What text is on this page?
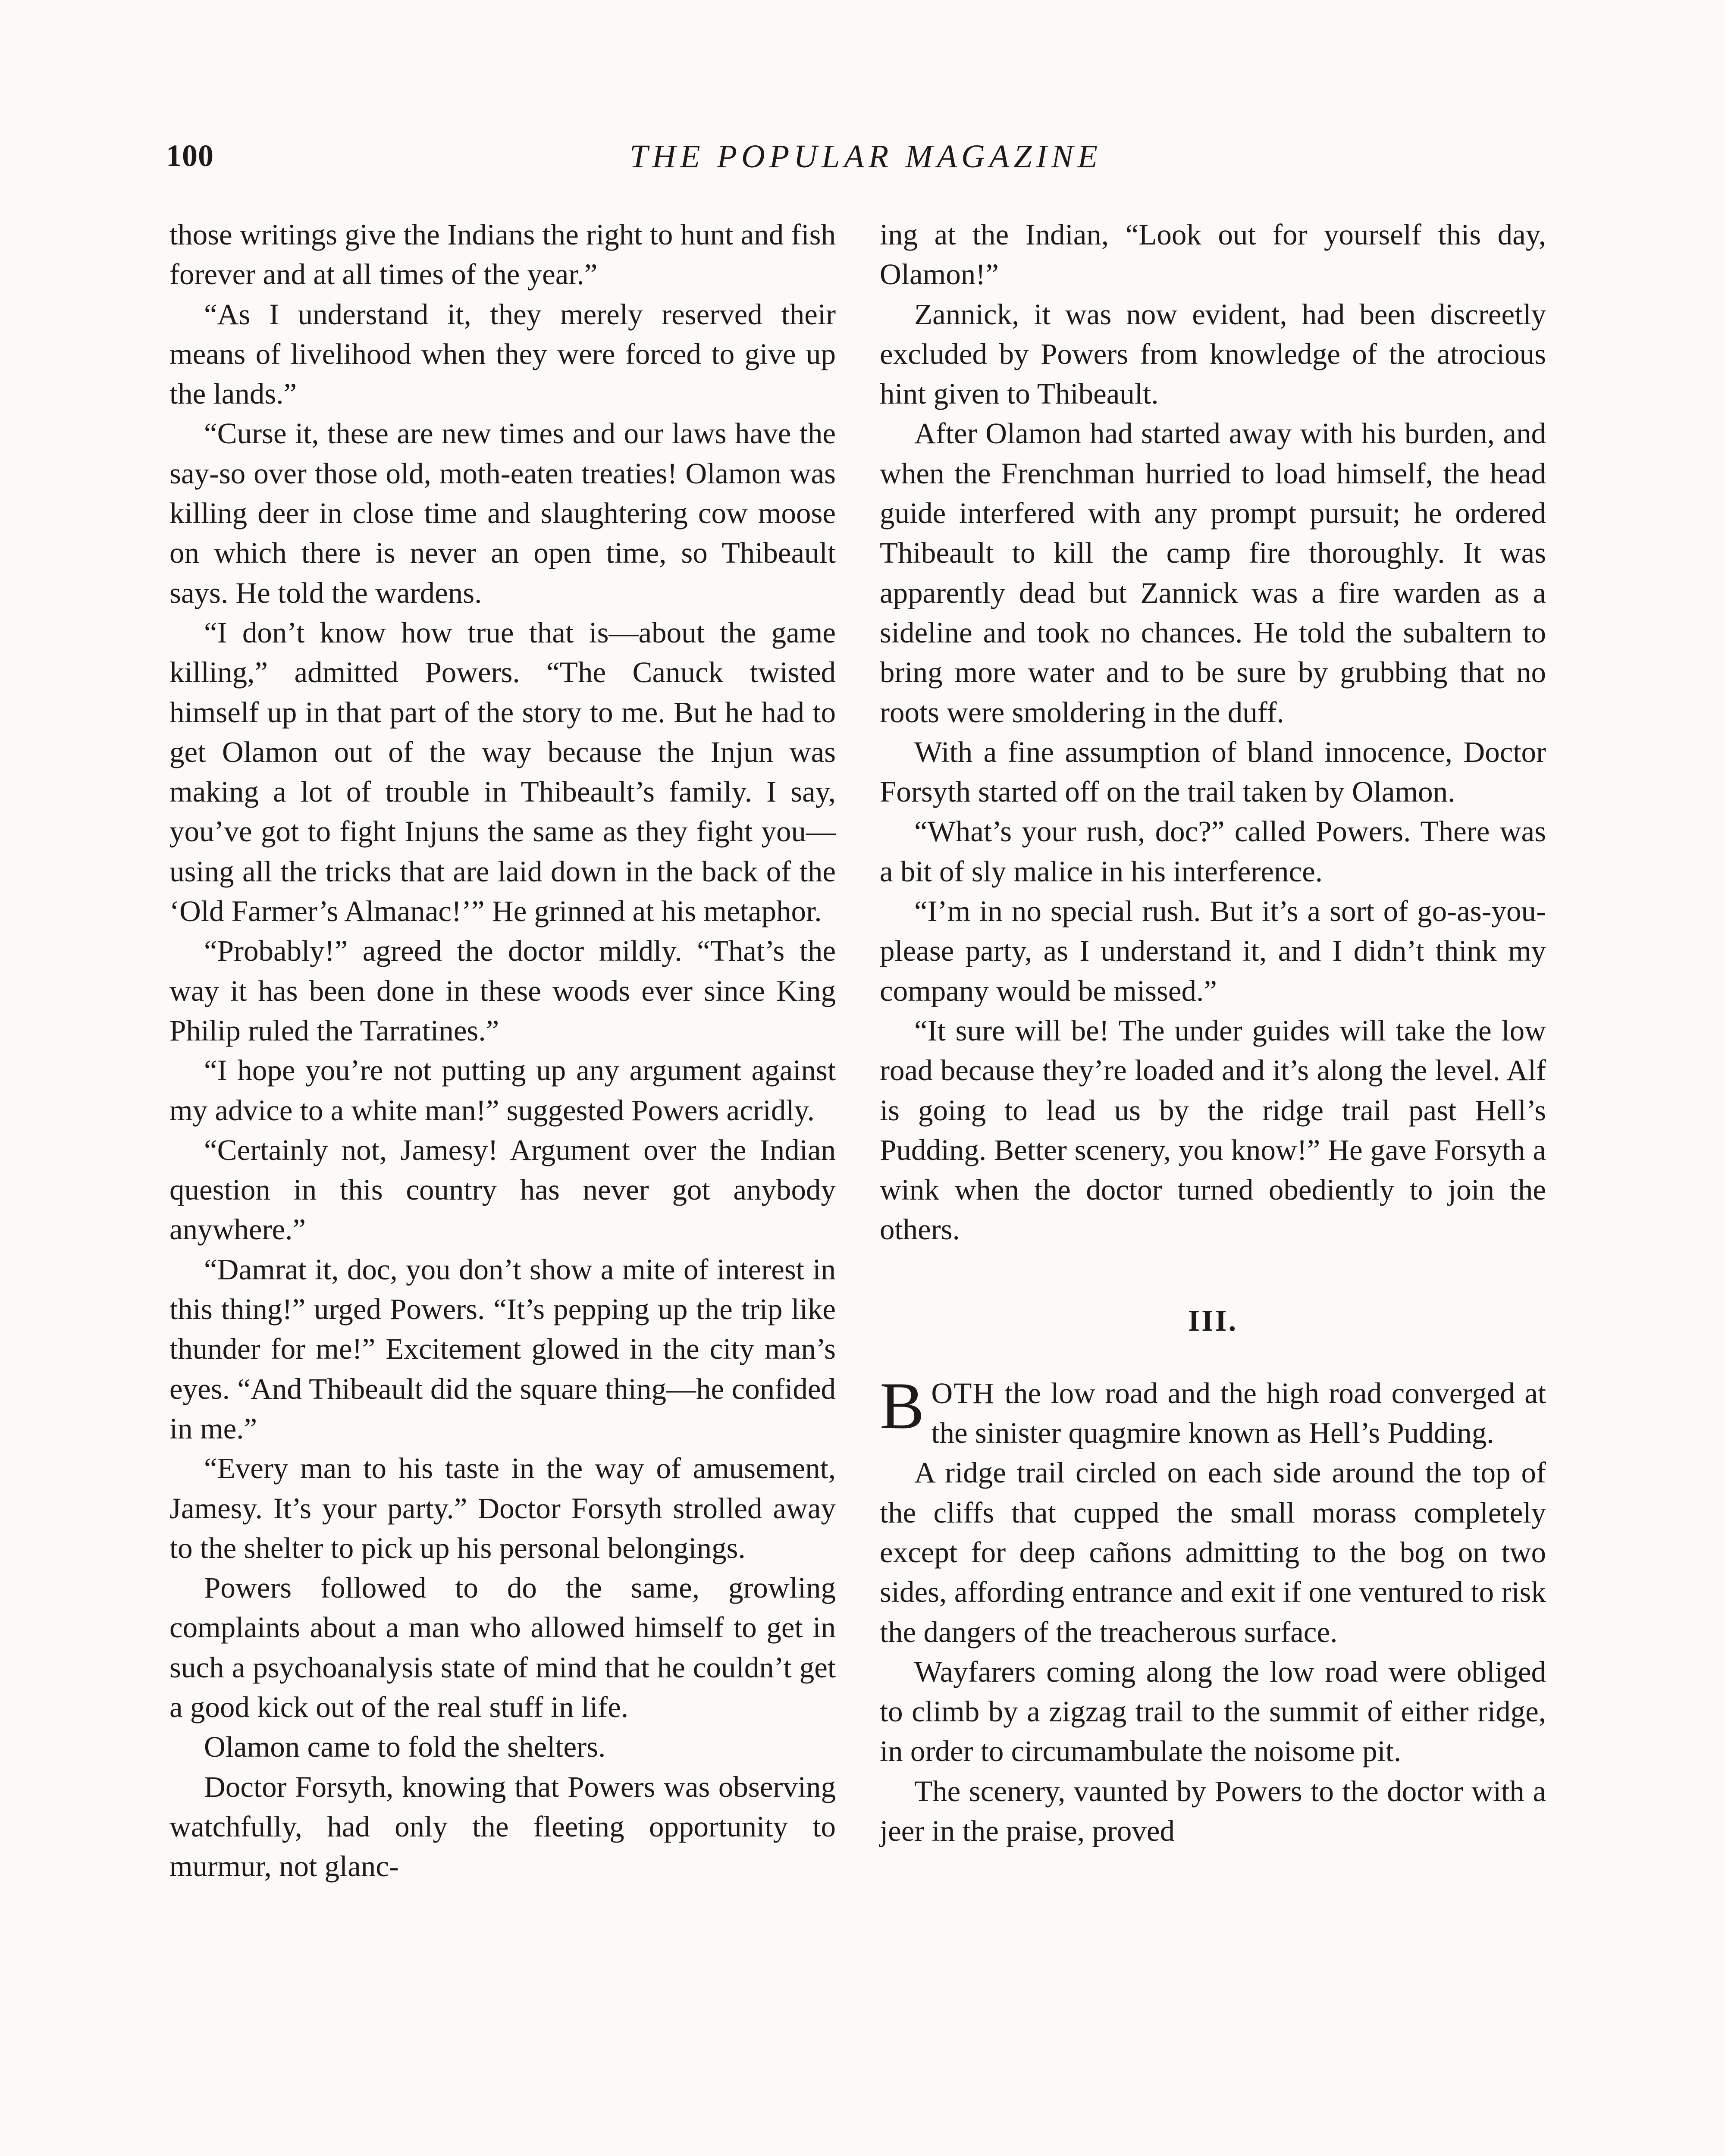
100	THE POPULAR MAGAZINE

those writings give the Indians the right to hunt and fish forever and at all times of the year.”

“As I understand it, they merely reserved their means of livelihood when they were forced to give up the lands.”

“Curse it, these are new times and our laws have the say-so over those old, moth-eaten treaties! Olamon was killing deer in close time and slaughtering cow moose on which there is never an open time, so Thibeault says. He told the wardens.

“I don’t know how true that is—about the game killing,” admitted Powers. “The Canuck twisted himself up in that part of the story to me. But he had to get Olamon out of the way because the Injun was making a lot of trouble in Thibeault’s family. I say, you’ve got to fight Injuns the same as they fight you—using all the tricks that are laid down in the back of the ‘Old Farmer’s Almanac!’” He grinned at his metaphor.

“Probably!” agreed the doctor mildly. “That’s the way it has been done in these woods ever since King Philip ruled the Tarratines.”

“I hope you’re not putting up any argument against my advice to a white man!” suggested Powers acridly.

“Certainly not, Jamesy! Argument over the Indian question in this country has never got anybody anywhere.”

“Damrat it, doc, you don’t show a mite of interest in this thing!” urged Powers. “It’s pepping up the trip like thunder for me!” Excitement glowed in the city man’s eyes. “And Thibeault did the square thing—he confided in me.”

“Every man to his taste in the way of amusement, Jamesy. It’s your party.” Doctor Forsyth strolled away to the shelter to pick up his personal belongings.

Powers followed to do the same, growling complaints about a man who allowed himself to get in such a psychoanalysis state of mind that he couldn’t get a good kick out of the real stuff in life.

Olamon came to fold the shelters.

Doctor Forsyth, knowing that Powers was observing watchfully, had only the fleeting opportunity to murmur, not glanc-

ing at the Indian, “Look out for yourself this day, Olamon!”

Zannick, it was now evident, had been discreetly excluded by Powers from knowledge of the atrocious hint given to Thibeault.

After Olamon had started away with his burden, and when the Frenchman hurried to load himself, the head guide interfered with any prompt pursuit; he ordered Thibeault to kill the camp fire thoroughly. It was apparently dead but Zannick was a fire warden as a sideline and took no chances. He told the subaltern to bring more water and to be sure by grubbing that no roots were smoldering in the duff.

With a fine assumption of bland innocence, Doctor Forsyth started off on the trail taken by Olamon.

“What’s your rush, doc?” called Powers. There was a bit of sly malice in his interference.

“I’m in no special rush. But it’s a sort of go-as-you-please party, as I understand it, and I didn’t think my company would be missed.”

“It sure will be! The under guides will take the low road because they’re loaded and it’s along the level. Alf is going to lead us by the ridge trail past Hell’s Pudding. Better scenery, you know!” He gave Forsyth a wink when the doctor turned obediently to join the others.

III.

BOTH the low road and the high road converged at the sinister quagmire known as Hell’s Pudding.

A ridge trail circled on each side around the top of the cliffs that cupped the small morass completely except for deep cañons admitting to the bog on two sides, affording entrance and exit if one ventured to risk the dangers of the treacherous surface.

Wayfarers coming along the low road were obliged to climb by a zigzag trail to the summit of either ridge, in order to circumambulate the noisome pit.

The scenery, vaunted by Powers to the doctor with a jeer in the praise, proved
